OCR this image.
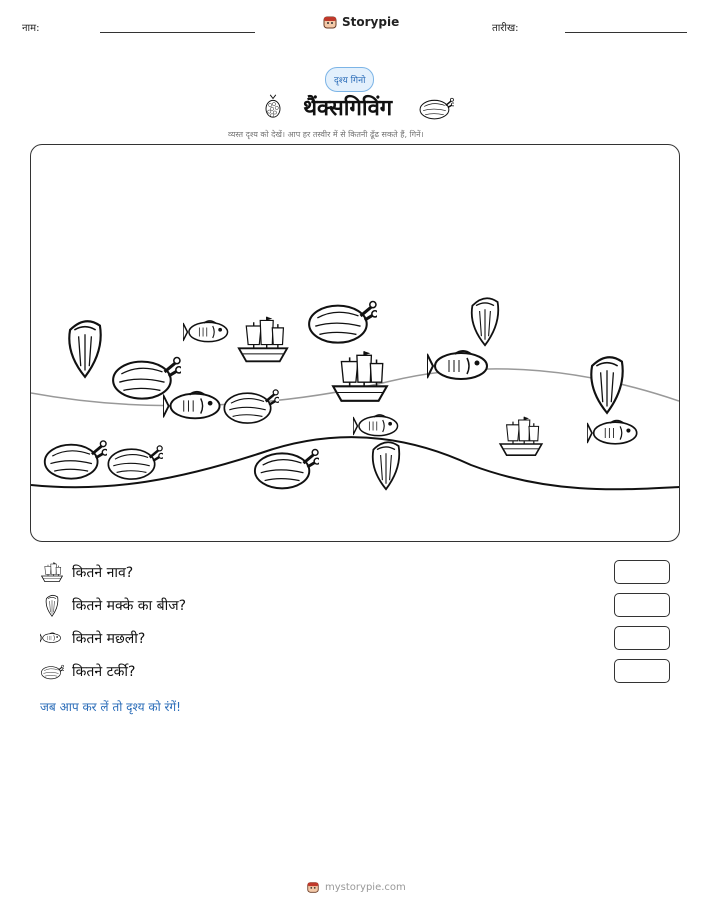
नाम:	Storypie	तारीख:
दृश्य गिनो
थैंक्सगिविंग
व्यस्त दृश्य को देखें। आप हर तस्वीर में से कितनी ढूँढ सकते हैं, गिनें।
कितने नाव?
कितने मक्के का बीज?
कितने मछली?
कितने टर्की?
जब आप कर लें तो दृश्य को रंगें!
mystorypie.com
